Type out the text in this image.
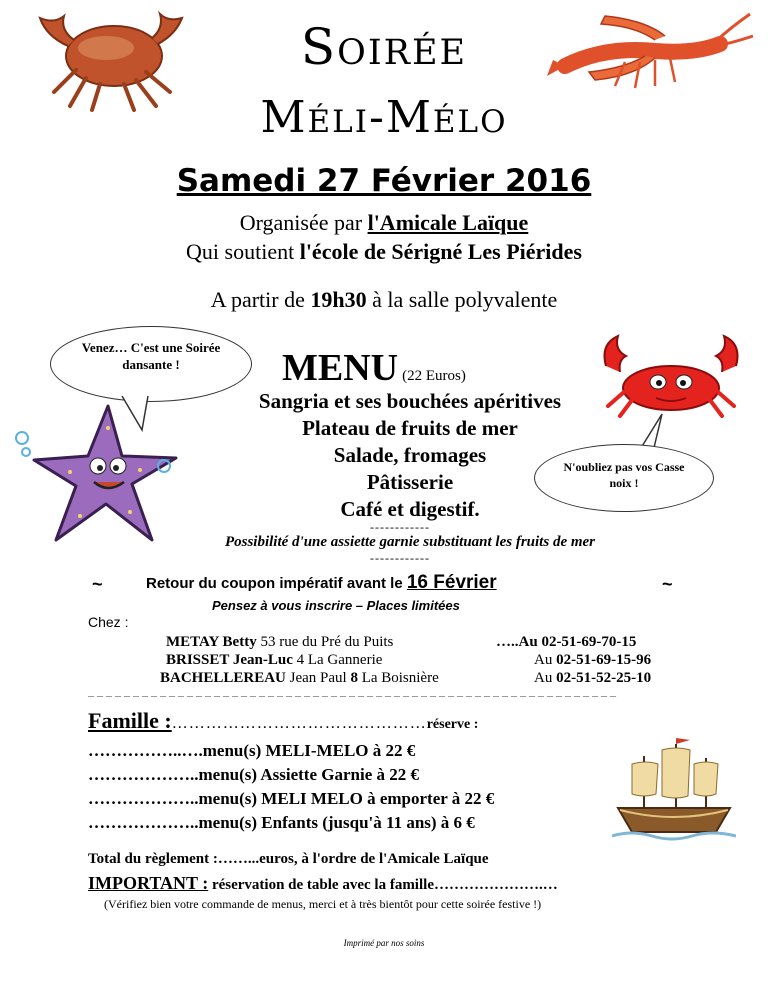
Soirée
Méli-Mélo
Samedi 27 Février 2016
Organisée par l'Amicale Laïque
Qui soutient l'école de Sérigné Les Piérides
A partir de 19h30 à la salle polyvalente
Venez… C'est une Soirée dansante !	MENU (22 Euros)
N'oubliez pas vos Casse noix !
Sangria et ses bouchées apéritives
Plateau de fruits de mer
Salade, fromages
Pâtisserie
Café et digestif.
------------
Possibilité d'une assiette garnie substituant les fruits de mer
------------
~	Retour du coupon impératif avant le 16 Février	~
Pensez à vous inscrire – Places limitées
Chez :
METAY Betty 53 rue du Pré du Puits	…..Au 02-51-69-70-15
BRISSET Jean-Luc 4 La Gannerie	Au 02-51-69-15-96
BACHELLEREAU Jean Paul 8 La Boisnière	Au 02-51-52-25-10
_ _ _ _ _ _ _ _ _ _ _ _ _ _ _ _ _ _ _ _ _ _ _ _ _ _ _ _ _ _ _ _ _ _ _ _ _ _ _ _ _ _ _ _ _ _ _ _ _ _ _ _ _ _ _ _ _ _ _
Famille :………………………………………réserve :
……………..….menu(s) MELI-MELO à 22 €
………………..menu(s) Assiette Garnie à 22 €
………………..menu(s) MELI MELO à emporter à 22 €
………………..menu(s) Enfants (jusqu'à 11 ans) à 6 €
Total du règlement :……...euros, à l'ordre de l'Amicale Laïque
IMPORTANT : réservation de table avec la famille………………….…
(Vérifiez bien votre commande de menus, merci et à très bientôt pour cette soirée festive !)
Imprimé par nos soins
